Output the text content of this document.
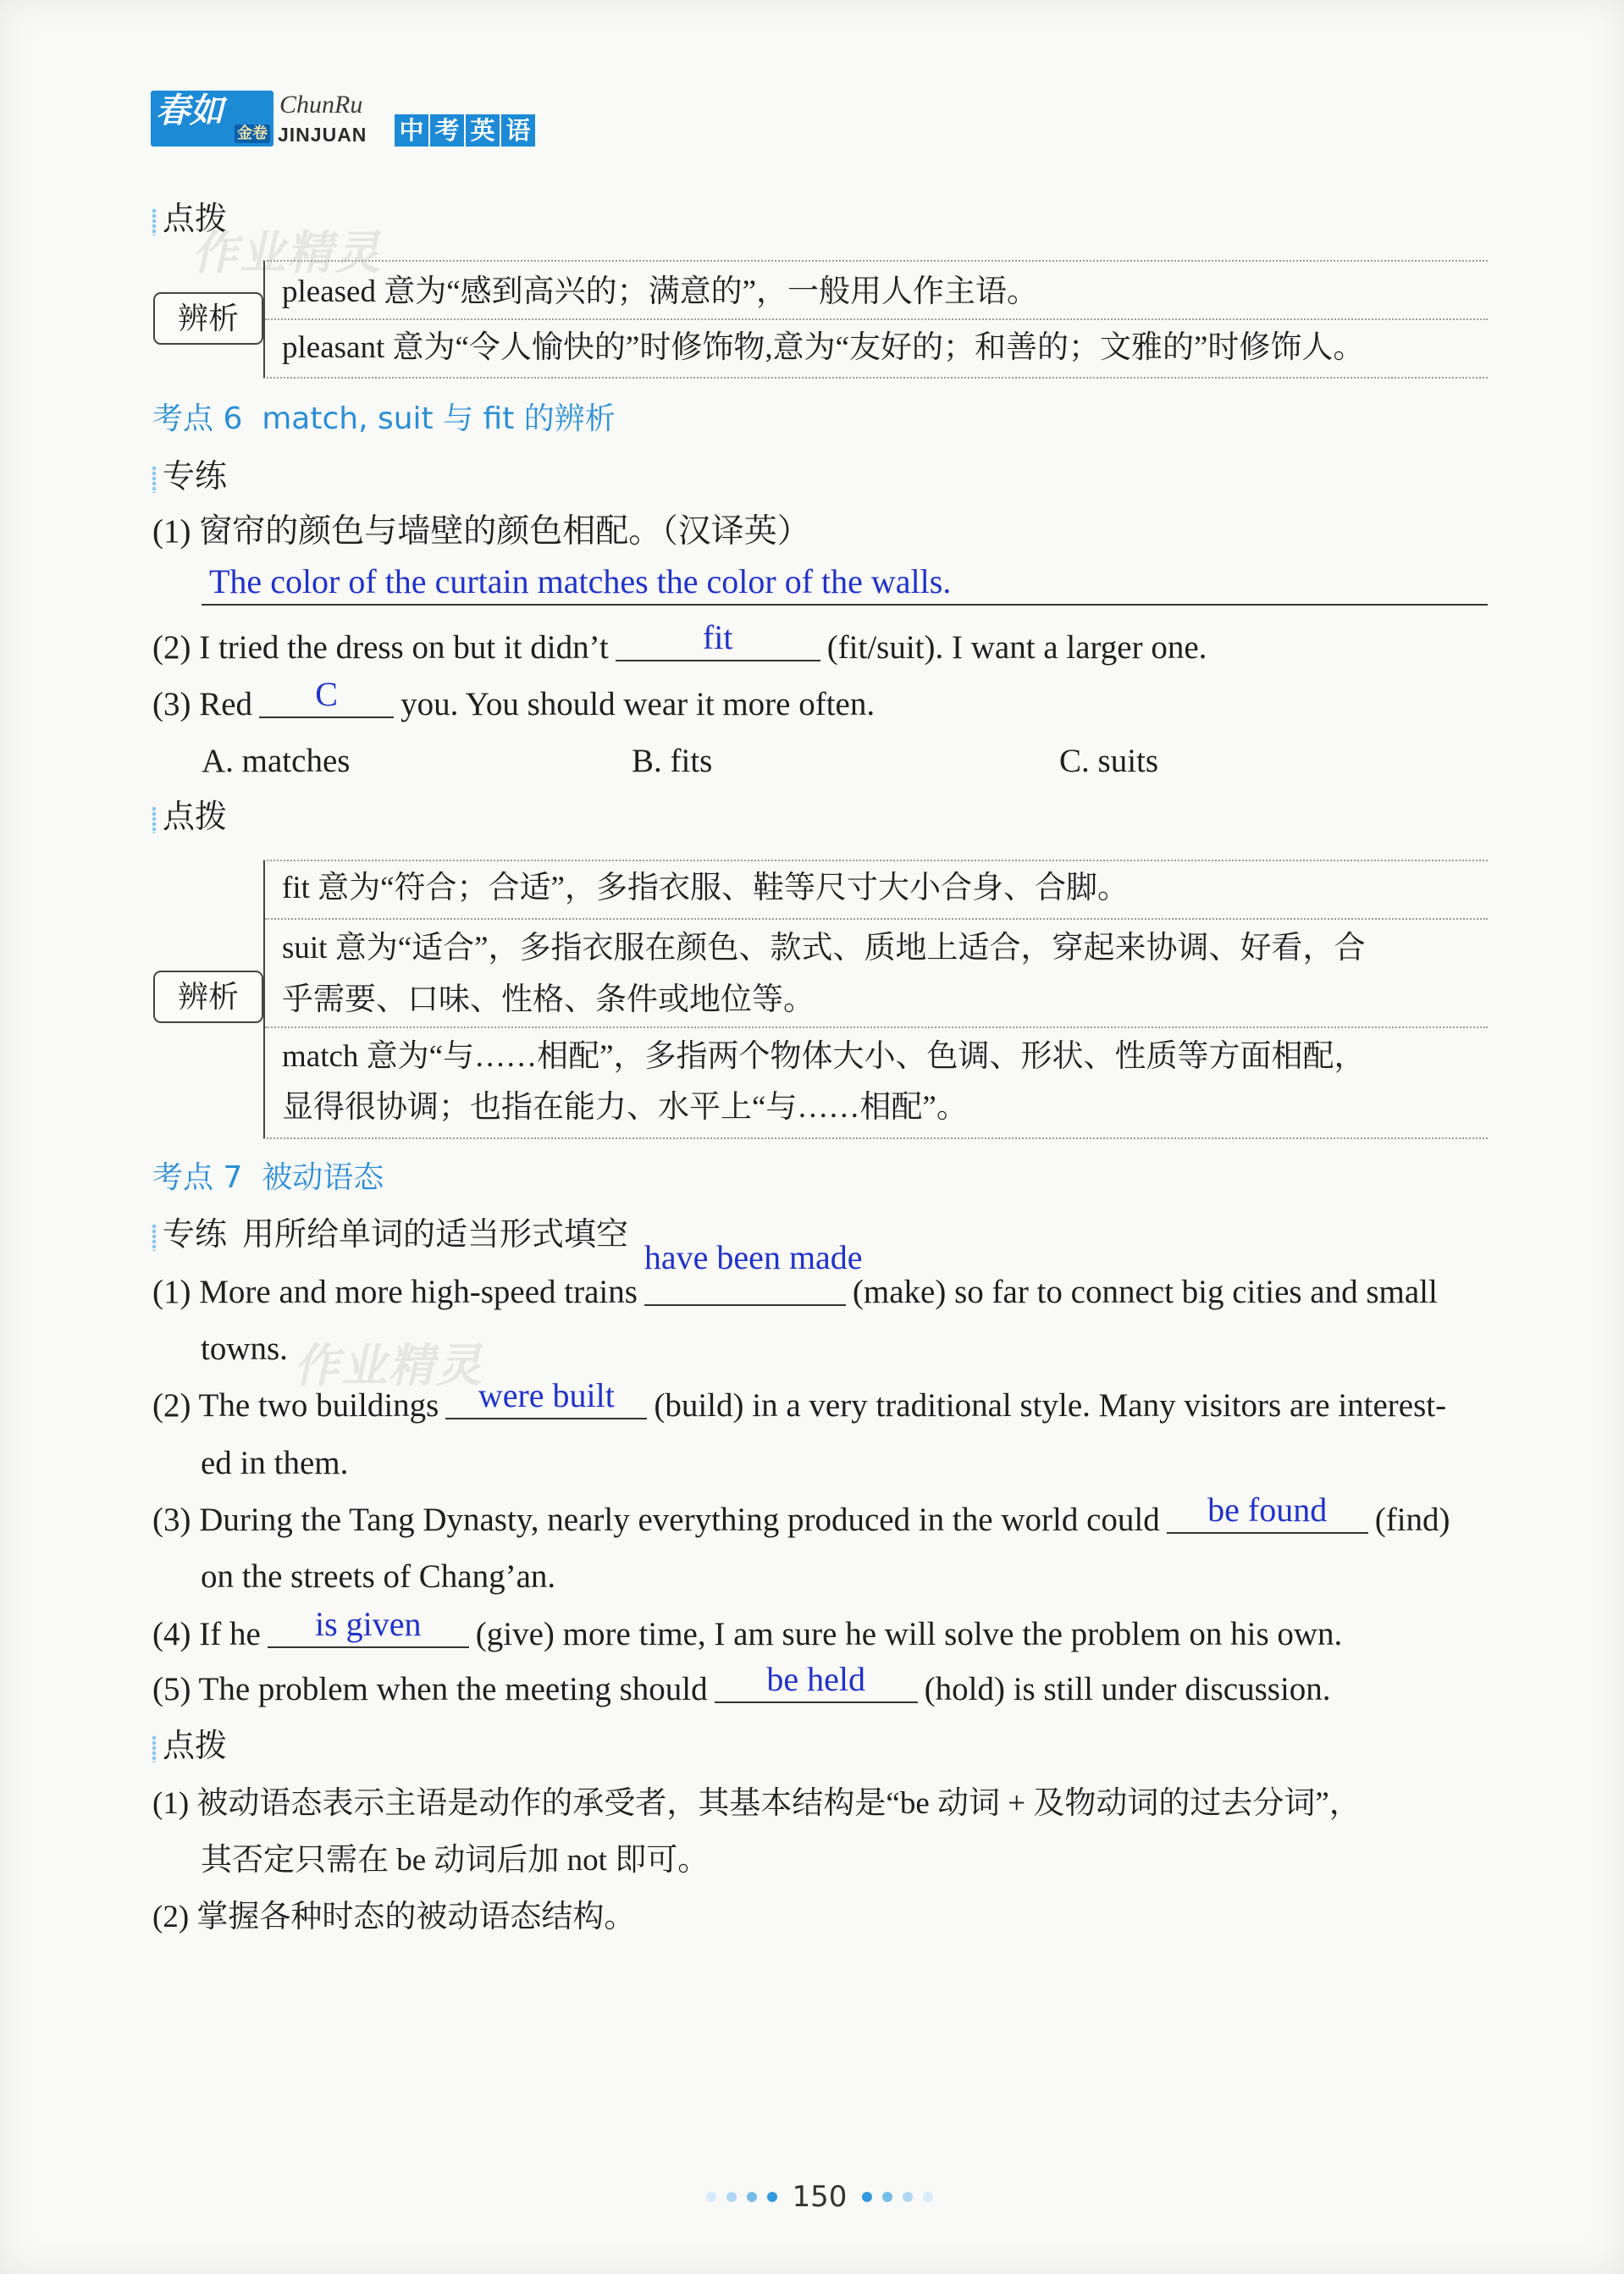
春如
金卷
ChunRu
JINJUAN 中 考 英 语
作业精灵
作业精灵
点拨
辨析
pleased 意为“感到高兴的；满意的”，一般用人作主语。
pleasant 意为“令人愉快的”时修饰物,意为“友好的；和善的；文雅的”时修饰人。
考点 6  match, suit 与 fit 的辨析
专练
(1) 窗帘的颜色与墙壁的颜色相配。（汉译英）
The color of the curtain matches the color of the walls.
(2) I tried the dress on but it didn’t	fit	(fit/suit). I want a larger one.
(3) Red	C	you. You should wear it more often.
A. matches	B. fits	C. suits
点拨
辨析
fit 意为“符合；合适”，多指衣服、鞋等尺寸大小合身、合脚。
suit 意为“适合”，多指衣服在颜色、款式、质地上适合，穿起来协调、好看，合
乎需要、口味、性格、条件或地位等。
match 意为“与……相配”，多指两个物体大小、色调、形状、性质等方面相配，
显得很协调；也指在能力、水平上“与……相配”。
考点 7  被动语态
专练 用所给单词的适当形式填空
(1) More and more high-speed trains
have been made
(make) so far to connect big cities and small
towns.
(2) The two buildings	were built	(build) in a very traditional style. Many visitors are interest-
ed in them.
(3) During the Tang Dynasty, nearly everything produced in the world could	be found	(find)
on the streets of Chang’an.
(4) If he	is given	(give) more time, I am sure he will solve the problem on his own.
(5) The problem when the meeting should	be held	(hold) is still under discussion.
点拨
(1) 被动语态表示主语是动作的承受者，其基本结构是“be 动词 + 及物动词的过去分词”，
其否定只需在 be 动词后加 not 即可。
(2) 掌握各种时态的被动语态结构。
150
